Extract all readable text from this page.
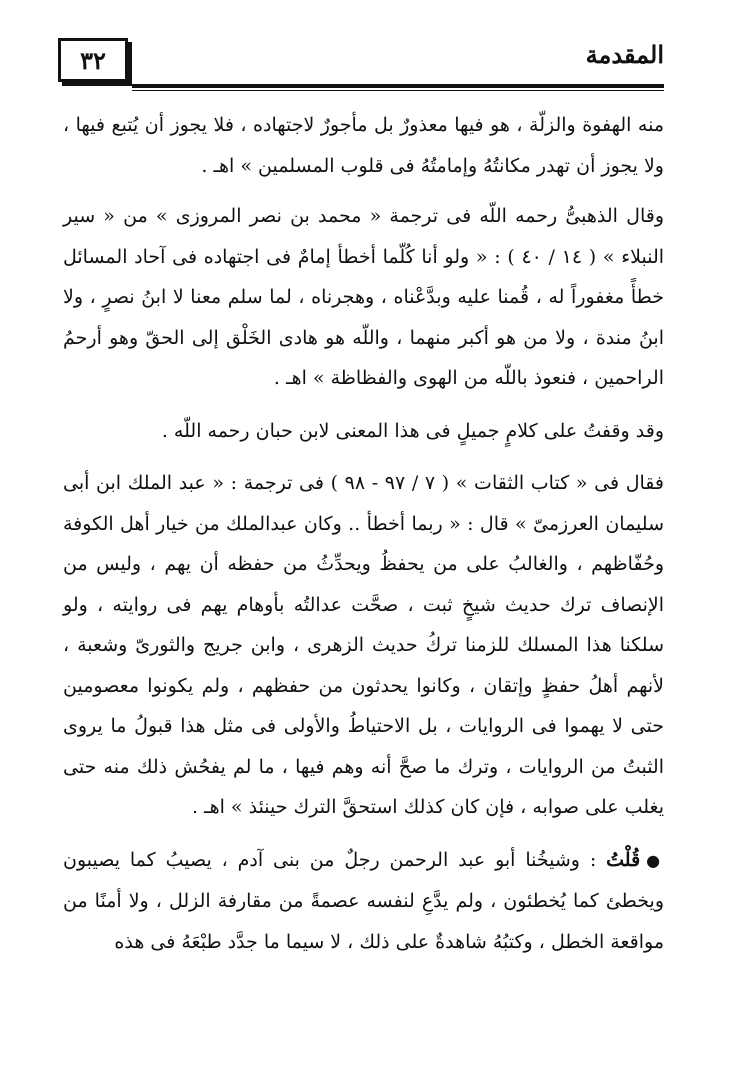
٣٢	المقدمة

منه الهفوة والزلّة ، هو فيها معذورٌ بل مأجورٌ لاجتهاده ، فلا يجوز أن يُتبع فيها ، ولا يجوز أن تهدر مكانتُهُ وإمامتُهُ فى قلوب المسلمين » اهـ .

وقال الذهبىُّ رحمه اللّه فى ترجمة « محمد بن نصر المروزى » من « سير النبلاء » ( ١٤ / ٤٠ ) : « ولو أنا كُلّما أخطأ إمامٌ فى اجتهاده فى آحاد المسائل خطأً مغفوراً له ، قُمنا عليه وبدَّعْناه ، وهجرناه ، لما سلم معنا لا ابنُ نصرٍ ، ولا ابنُ مندة ، ولا من هو أكبر منهما ، واللّه هو هادى الخَلْق إلى الحقّ وهو أرحمُ الراحمين ، فنعوذ باللّه من الهوى والفظاظة » اهـ .

وقد وقفتُ على كلامٍ جميلٍ فى هذا المعنى لابن حبان رحمه اللّه .

فقال فى « كتاب الثقات » ( ٧ / ٩٧ - ٩٨ ) فى ترجمة : « عبد الملك ابن أبى سليمان العرزمىّ » قال : « ربما أخطأ .. وكان عبدالملك من خيار أهل الكوفة وحُفّاظهم ، والغالبُ على من يحفظُ ويحدِّثُ من حفظه أن يهم ، وليس من الإنصاف ترك حديث شيخٍ ثبت ، صحَّت عدالتُه بأوهام يهم فى روايته ، ولو سلكنا هذا المسلك للزمنا تركُ حديث الزهرى ، وابن جريج والثورىّ وشعبة ، لأنهم أهلُ حفظٍ وإتقان ، وكانوا يحدثون من حفظهم ، ولم يكونوا معصومين حتى لا يهموا فى الروايات ، بل الاحتياطُ والأولى فى مثل هذا قبولُ ما يروى الثبتُ من الروايات ، وترك ما صحَّ أنه وهم فيها ، ما لم يفحُش ذلك منه حتى يغلب على صوابه ، فإن كان كذلك استحقَّ الترك حينئذ » اهـ .

●قُلْتُ : وشيخُنا أبو عبد الرحمن رجلٌ من بنى آدم ، يصيبُ كما يصيبون ويخطئ كما يُخطئون ، ولم يدَّعِ لنفسه عصمةً من مقارفة الزلل ، ولا أمنًا من مواقعة الخطل ، وكتبُهُ شاهدةٌ على ذلك ، لا سيما ما جدَّد طبْعَهُ فى هذه
